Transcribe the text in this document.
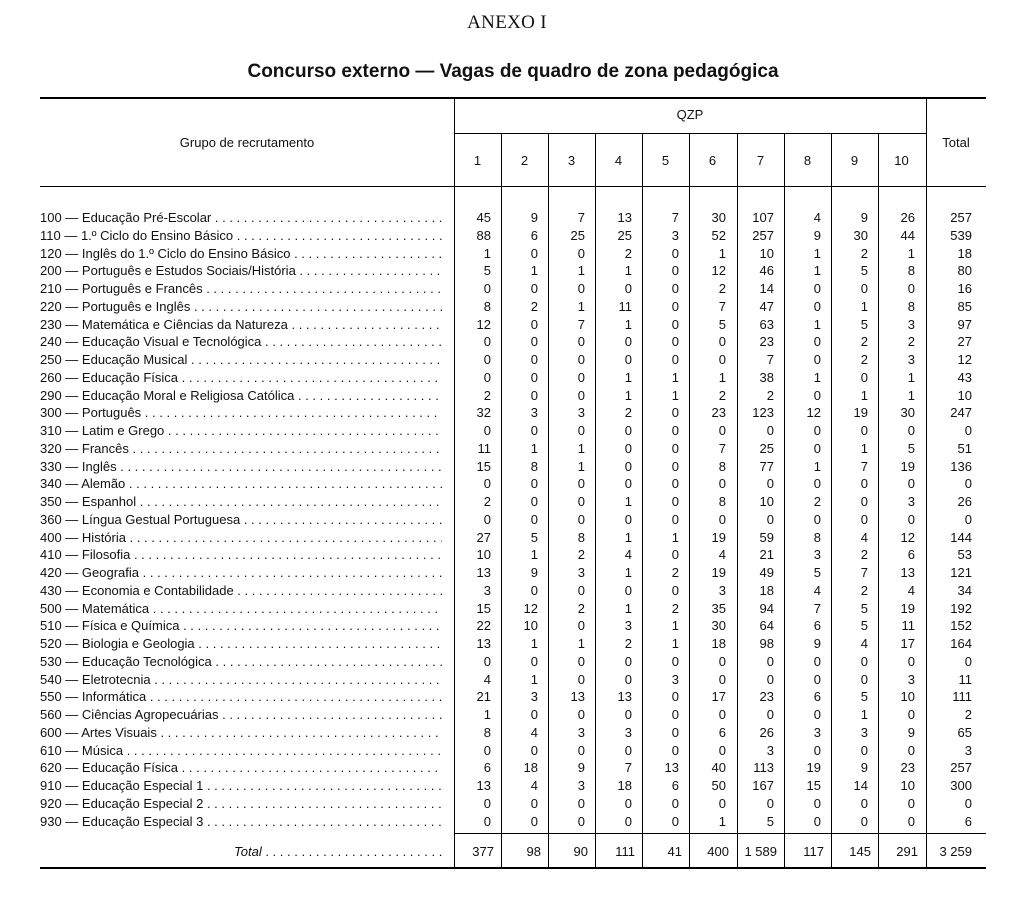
ANEXO I
Concurso externo — Vagas de quadro de zona pedagógica
Grupo de recrutamento
QZP
Total
1	2	3	4	5	6	7	8	9	10
100 — Educação Pré-Escolar . . .	45	9	7	13	7	30	107	4	9	26	257
110 — 1.º Ciclo do Ensino Básico . . .	88	6	25	25	3	52	257	9	30	44	539
120 — Inglês do 1.º Ciclo do Ensino Básico . . .	1	0	0	2	0	1	10	1	2	1	18
200 — Português e Estudos Sociais/História . . .	5	1	1	1	0	12	46	1	5	8	80
210 — Português e Francês . . .	0	0	0	0	0	2	14	0	0	0	16
220 — Português e Inglês . . .	8	2	1	11	0	7	47	0	1	8	85
230 — Matemática e Ciências da Natureza . . .	12	0	7	1	0	5	63	1	5	3	97
240 — Educação Visual e Tecnológica . . .	0	0	0	0	0	0	23	0	2	2	27
250 — Educação Musical . . .	0	0	0	0	0	0	7	0	2	3	12
260 — Educação Física . . .	0	0	0	1	1	1	38	1	0	1	43
290 — Educação Moral e Religiosa Católica . . .	2	0	0	1	1	2	2	0	1	1	10
300 — Português . . .	32	3	3	2	0	23	123	12	19	30	247
310 — Latim e Grego . . .	0	0	0	0	0	0	0	0	0	0	0
320 — Francês . . .	11	1	1	0	0	7	25	0	1	5	51
330 — Inglês . . .	15	8	1	0	0	8	77	1	7	19	136
340 — Alemão . . .	0	0	0	0	0	0	0	0	0	0	0
350 — Espanhol . . .	2	0	0	1	0	8	10	2	0	3	26
360 — Língua Gestual Portuguesa . . .	0	0	0	0	0	0	0	0	0	0	0
400 — História . . .	27	5	8	1	1	19	59	8	4	12	144
410 — Filosofia . . .	10	1	2	4	0	4	21	3	2	6	53
420 — Geografia . . .	13	9	3	1	2	19	49	5	7	13	121
430 — Economia e Contabilidade . . .	3	0	0	0	0	3	18	4	2	4	34
500 — Matemática . . .	15	12	2	1	2	35	94	7	5	19	192
510 — Física e Química . . .	22	10	0	3	1	30	64	6	5	11	152
520 — Biologia e Geologia . . .	13	1	1	2	1	18	98	9	4	17	164
530 — Educação Tecnológica . . .	0	0	0	0	0	0	0	0	0	0	0
540 — Eletrotecnia . . .	4	1	0	0	3	0	0	0	0	3	11
550 — Informática . . .	21	3	13	13	0	17	23	6	5	10	111
560 — Ciências Agropecuárias . . .	1	0	0	0	0	0	0	0	1	0	2
600 — Artes Visuais . . .	8	4	3	3	0	6	26	3	3	9	65
610 — Música . . .	0	0	0	0	0	0	3	0	0	0	3
620 — Educação Física . . .	6	18	9	7	13	40	113	19	9	23	257
910 — Educação Especial 1 . . .	13	4	3	18	6	50	167	15	14	10	300
920 — Educação Especial 2 . . .	0	0	0	0	0	0	0	0	0	0	0
930 — Educação Especial 3 . . .	0	0	0	0	0	1	5	0	0	0	6
Total . . .	377	98	90	111	41	400	1 589	117	145	291	3 259
